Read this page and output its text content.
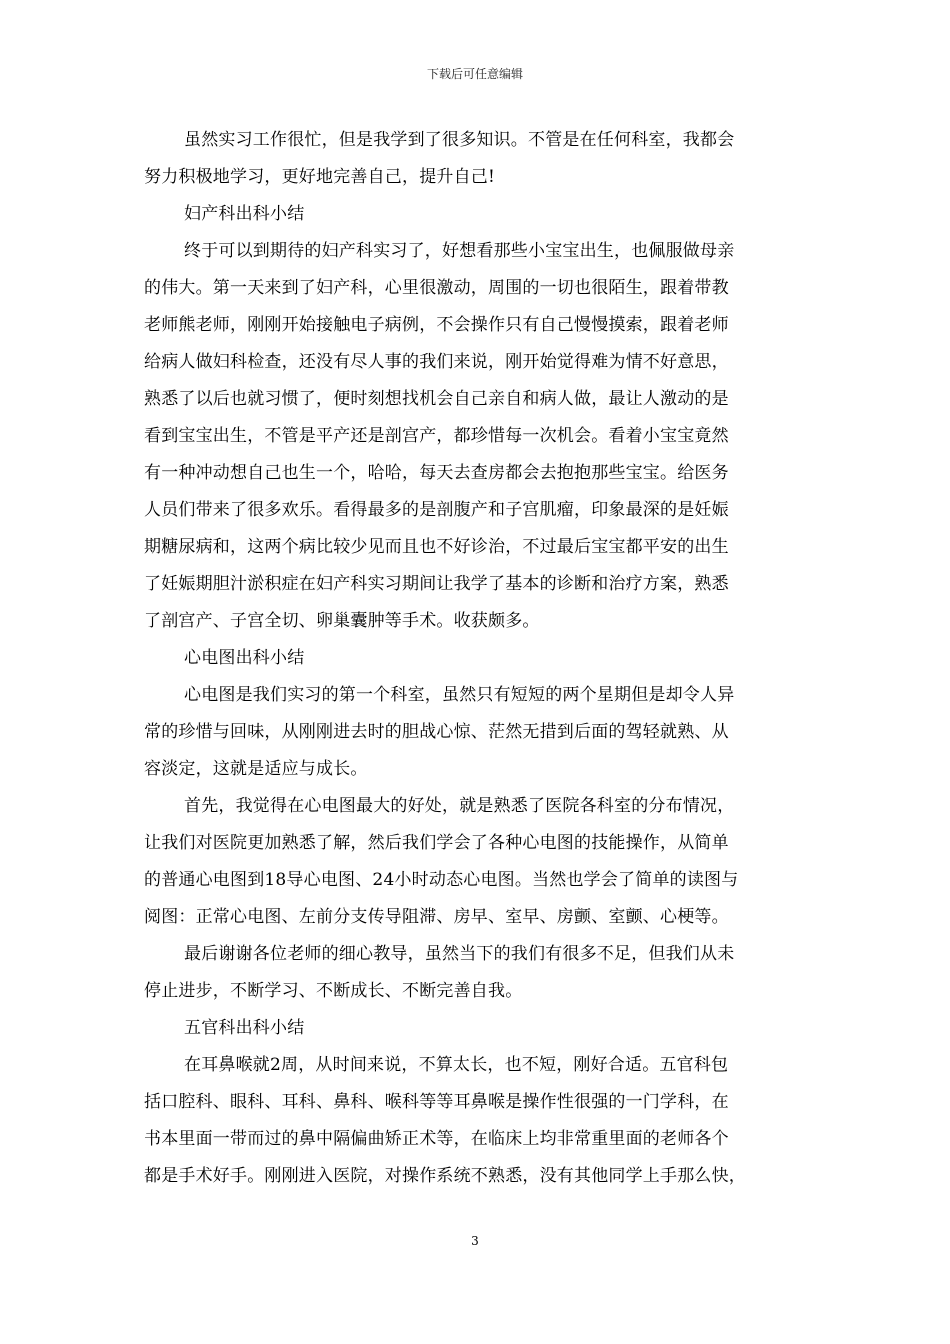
下载后可任意编辑
虽然实习工作很忙，但是我学到了很多知识。不管是在任何科室，我都会
努力积极地学习，更好地完善自己，提升自己!
妇产科出科小结
终于可以到期待的妇产科实习了，好想看那些小宝宝出生，也佩服做母亲
的伟大。第一天来到了妇产科，心里很激动，周围的一切也很陌生，跟着带教
老师熊老师，刚刚开始接触电子病例，不会操作只有自己慢慢摸索，跟着老师
给病人做妇科检查，还没有尽人事的我们来说，刚开始觉得难为情不好意思，
熟悉了以后也就习惯了，便时刻想找机会自己亲自和病人做，最让人激动的是
看到宝宝出生，不管是平产还是剖宫产，都珍惜每一次机会。看着小宝宝竟然
有一种冲动想自己也生一个，哈哈，每天去查房都会去抱抱那些宝宝。给医务
人员们带来了很多欢乐。看得最多的是剖腹产和子宫肌瘤，印象最深的是妊娠
期糖尿病和，这两个病比较少见而且也不好诊治，不过最后宝宝都平安的出生
了妊娠期胆汁淤积症在妇产科实习期间让我学了基本的诊断和治疗方案，熟悉
了剖宫产、子宫全切、卵巢囊肿等手术。收获颇多。
心电图出科小结
心电图是我们实习的第一个科室，虽然只有短短的两个星期但是却令人异
常的珍惜与回味，从刚刚进去时的胆战心惊、茫然无措到后面的驾轻就熟、从
容淡定，这就是适应与成长。
首先，我觉得在心电图最大的好处，就是熟悉了医院各科室的分布情况，
让我们对医院更加熟悉了解，然后我们学会了各种心电图的技能操作，从简单
的普通心电图到18导心电图、24小时动态心电图。当然也学会了简单的读图与
阅图：正常心电图、左前分支传导阻滞、房早、室早、房颤、室颤、心梗等。
最后谢谢各位老师的细心教导，虽然当下的我们有很多不足，但我们从未
停止进步，不断学习、不断成长、不断完善自我。
五官科出科小结
在耳鼻喉就2周，从时间来说，不算太长，也不短，刚好合适。五官科包
括口腔科、眼科、耳科、鼻科、喉科等等耳鼻喉是操作性很强的一门学科，在
书本里面一带而过的鼻中隔偏曲矫正术等，在临床上均非常重里面的老师各个
都是手术好手。刚刚进入医院，对操作系统不熟悉，没有其他同学上手那么快，
3
